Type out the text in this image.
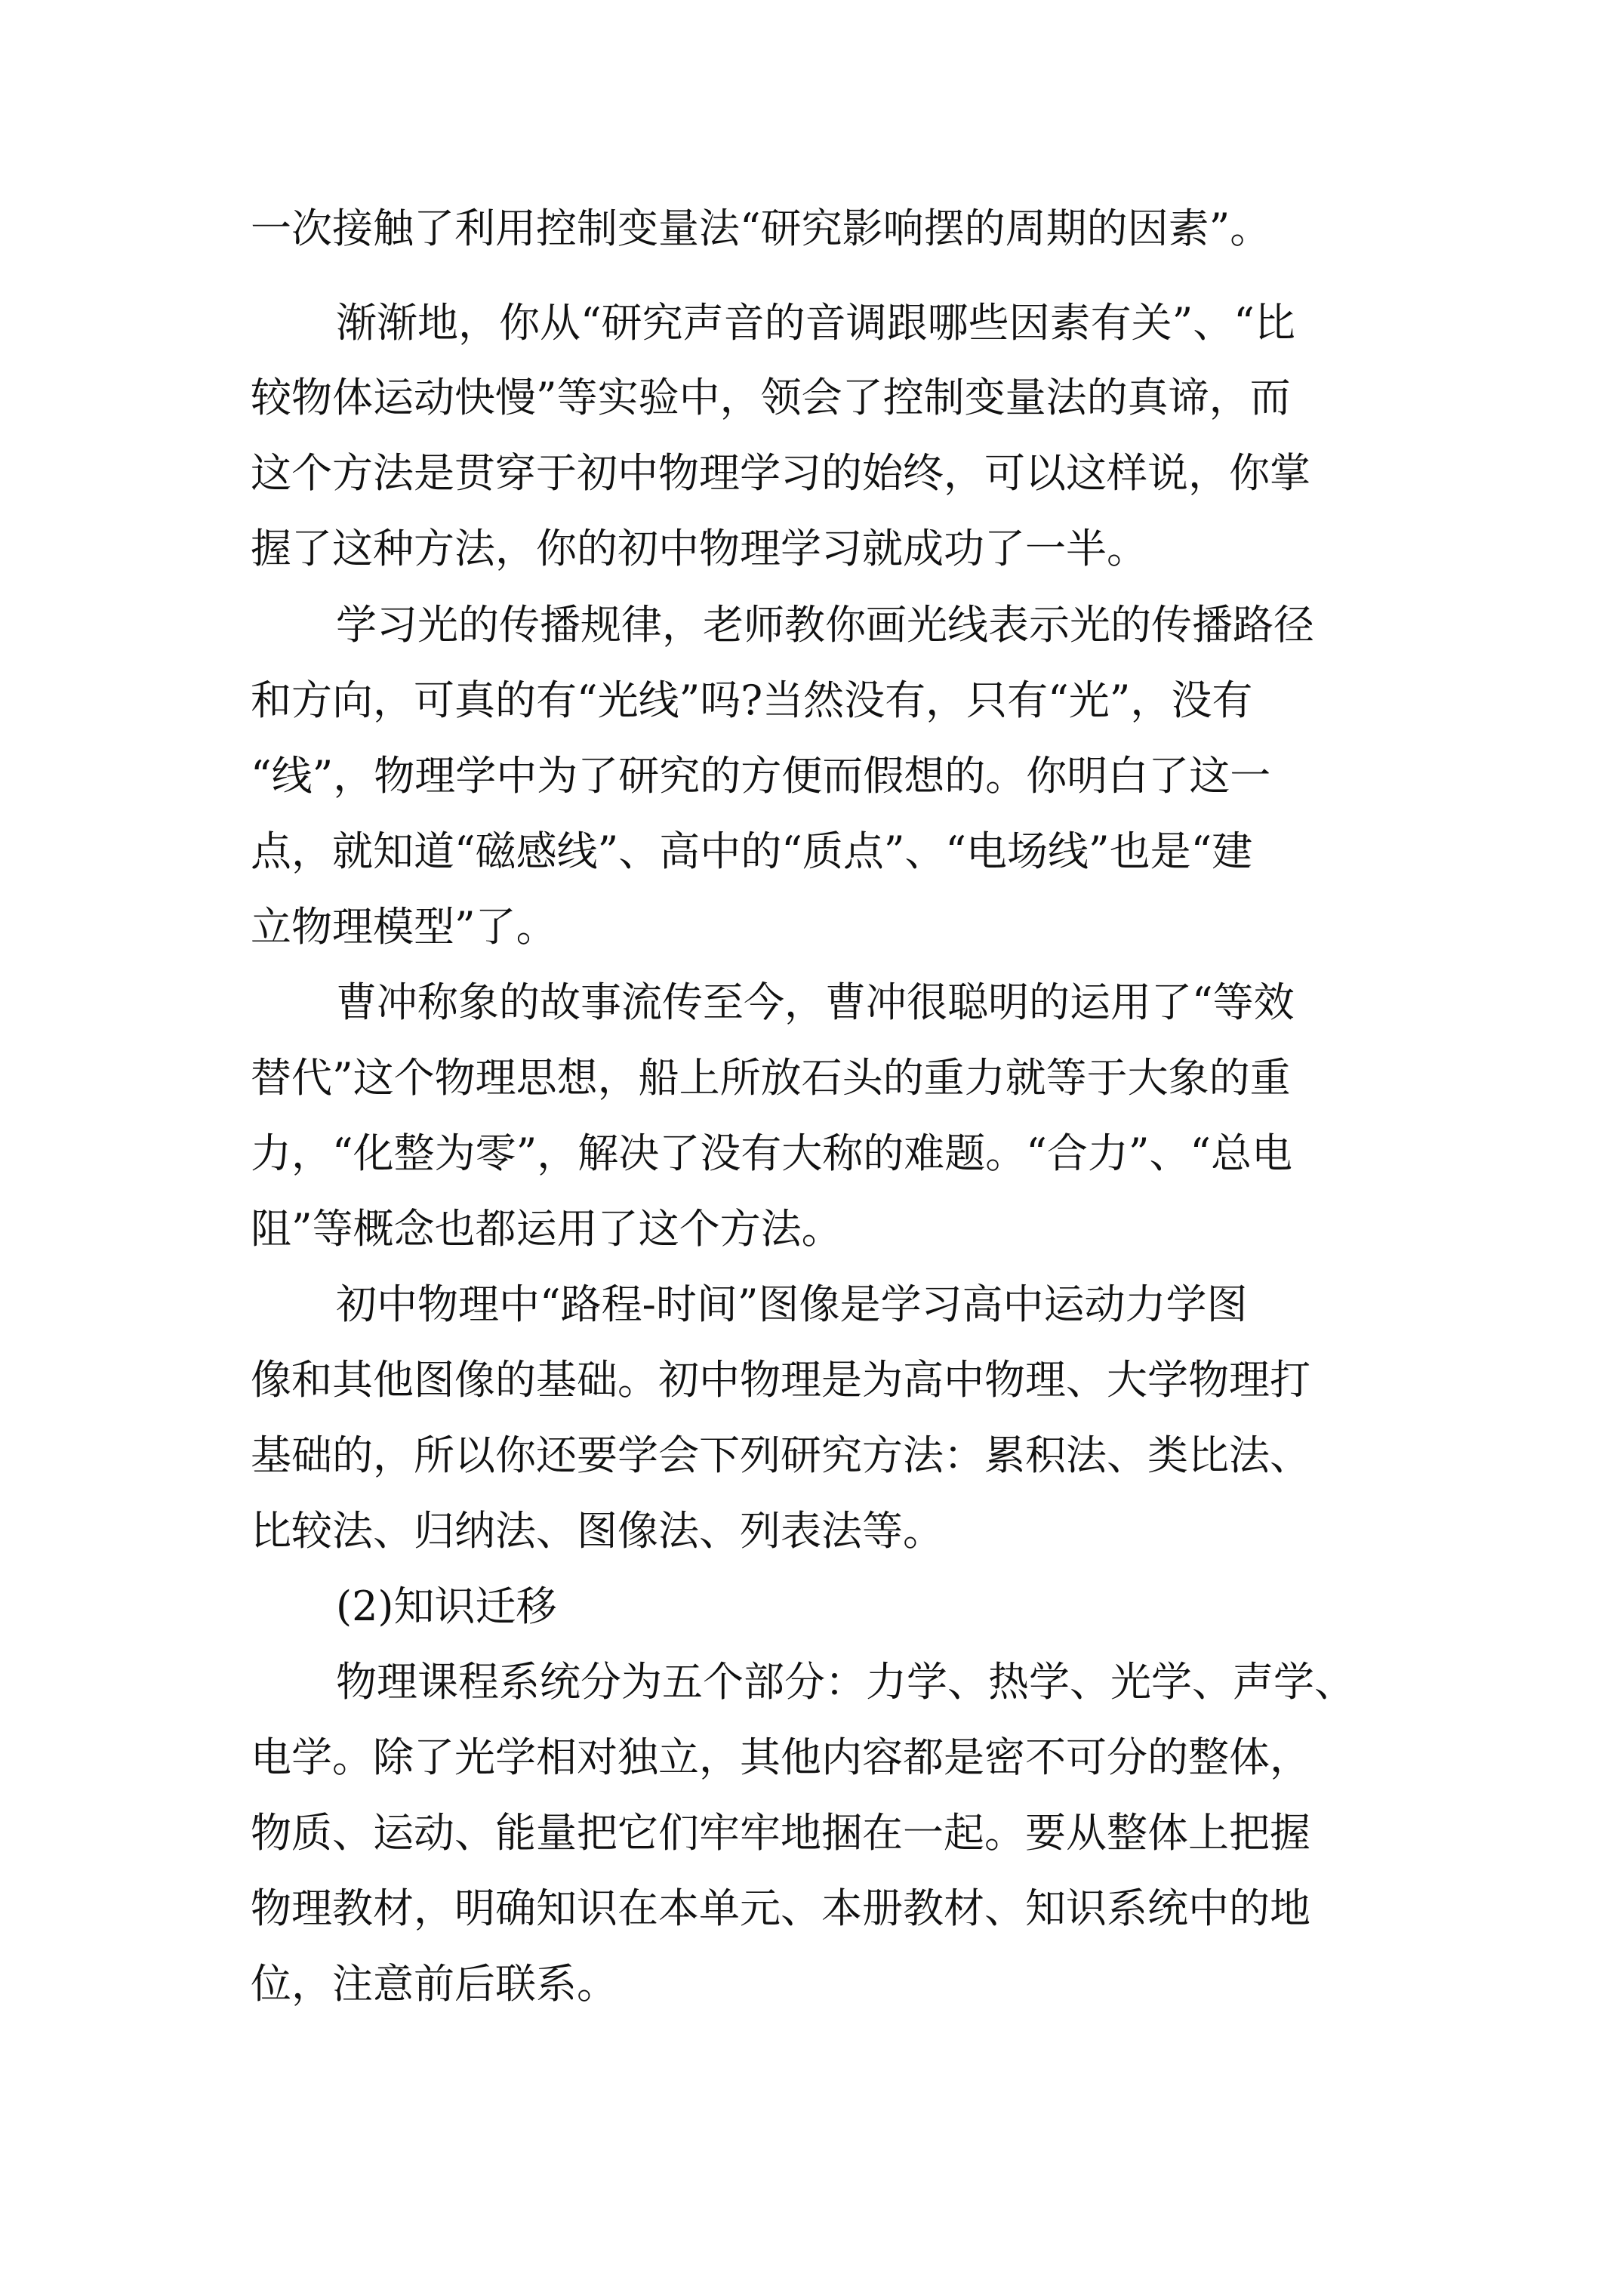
一次接触了利用控制变量法“研究影响摆的周期的因素”。

渐渐地，你从“研究声音的音调跟哪些因素有关”、“比

较物体运动快慢”等实验中，领会了控制变量法的真谛，而

这个方法是贯穿于初中物理学习的始终，可以这样说，你掌

握了这种方法，你的初中物理学习就成功了一半。

学习光的传播规律，老师教你画光线表示光的传播路径

和方向，可真的有“光线”吗?当然没有，只有“光”，没有

“线”，物理学中为了研究的方便而假想的。你明白了这一

点，就知道“磁感线”、高中的“质点”、“电场线”也是“建

立物理模型”了。

曹冲称象的故事流传至今，曹冲很聪明的运用了“等效

替代”这个物理思想，船上所放石头的重力就等于大象的重

力，“化整为零”，解决了没有大称的难题。“合力”、“总电

阻”等概念也都运用了这个方法。

初中物理中“路程-时间”图像是学习高中运动力学图

像和其他图像的基础。初中物理是为高中物理、大学物理打

基础的，所以你还要学会下列研究方法：累积法、类比法、

比较法、归纳法、图像法、列表法等。

(2)知识迁移

物理课程系统分为五个部分：力学、热学、光学、声学、

电学。除了光学相对独立，其他内容都是密不可分的整体，

物质、运动、能量把它们牢牢地捆在一起。要从整体上把握

物理教材，明确知识在本单元、本册教材、知识系统中的地

位，注意前后联系。
